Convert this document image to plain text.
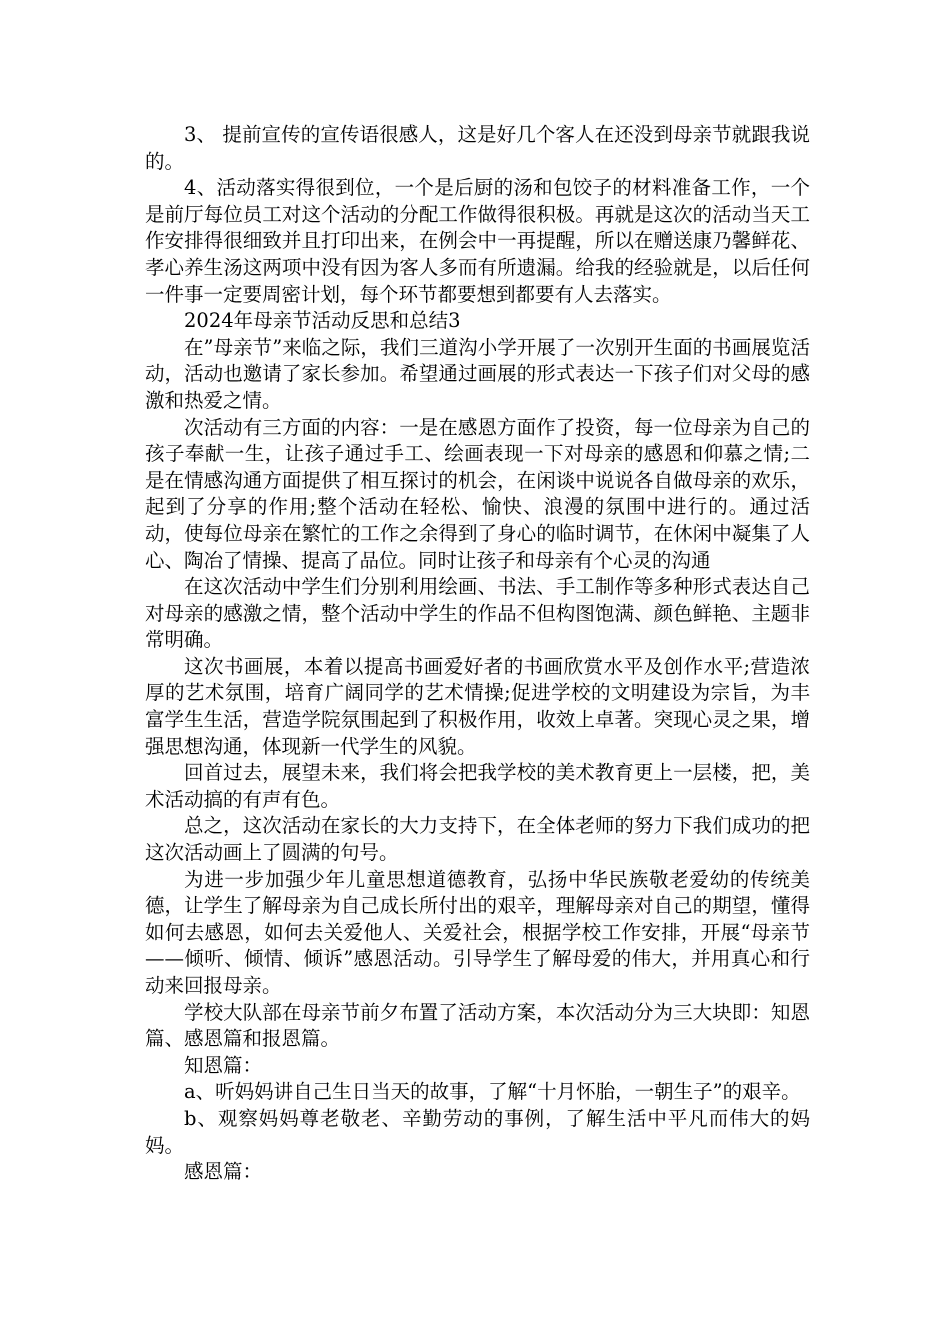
3、 提前宣传的宣传语很感人，这是好几个客人在还没到母亲节就跟我说的。

4、活动落实得很到位，一个是后厨的汤和包饺子的材料准备工作，一个是前厅每位员工对这个活动的分配工作做得很积极。再就是这次的活动当天工作安排得很细致并且打印出来，在例会中一再提醒，所以在赠送康乃馨鲜花、孝心养生汤这两项中没有因为客人多而有所遗漏。给我的经验就是，以后任何一件事一定要周密计划，每个环节都要想到都要有人去落实。

2024年母亲节活动反思和总结3

在”母亲节”来临之际，我们三道沟小学开展了一次别开生面的书画展览活动，活动也邀请了家长参加。希望通过画展的形式表达一下孩子们对父母的感激和热爱之情。

次活动有三方面的内容：一是在感恩方面作了投资，每一位母亲为自己的孩子奉献一生，让孩子通过手工、绘画表现一下对母亲的感恩和仰慕之情;二是在情感沟通方面提供了相互探讨的机会，在闲谈中说说各自做母亲的欢乐，起到了分享的作用;整个活动在轻松、愉快、浪漫的氛围中进行的。通过活动，使每位母亲在繁忙的工作之余得到了身心的临时调节，在休闲中凝集了人心、陶冶了情操、提高了品位。同时让孩子和母亲有个心灵的沟通

在这次活动中学生们分别利用绘画、书法、手工制作等多种形式表达自己对母亲的感激之情，整个活动中学生的作品不但构图饱满、颜色鲜艳、主题非常明确。

这次书画展，本着以提高书画爱好者的书画欣赏水平及创作水平;营造浓厚的艺术氛围，培育广阔同学的艺术情操;促进学校的文明建设为宗旨，为丰富学生生活，营造学院氛围起到了积极作用，收效上卓著。突现心灵之果，增强思想沟通，体现新一代学生的风貌。

回首过去，展望未来，我们将会把我学校的美术教育更上一层楼，把，美术活动搞的有声有色。

总之，这次活动在家长的大力支持下，在全体老师的努力下我们成功的把这次活动画上了圆满的句号。

为进一步加强少年儿童思想道德教育，弘扬中华民族敬老爱幼的传统美德，让学生了解母亲为自己成长所付出的艰辛，理解母亲对自己的期望，懂得如何去感恩，如何去关爱他人、关爱社会，根据学校工作安排，开展“母亲节——倾听、倾情、倾诉”感恩活动。引导学生了解母爱的伟大，并用真心和行动来回报母亲。

学校大队部在母亲节前夕布置了活动方案，本次活动分为三大块即：知恩篇、感恩篇和报恩篇。

知恩篇：

a、听妈妈讲自己生日当天的故事，了解“十月怀胎，一朝生子”的艰辛。

b、观察妈妈尊老敬老、辛勤劳动的事例，了解生活中平凡而伟大的妈妈。

感恩篇：
